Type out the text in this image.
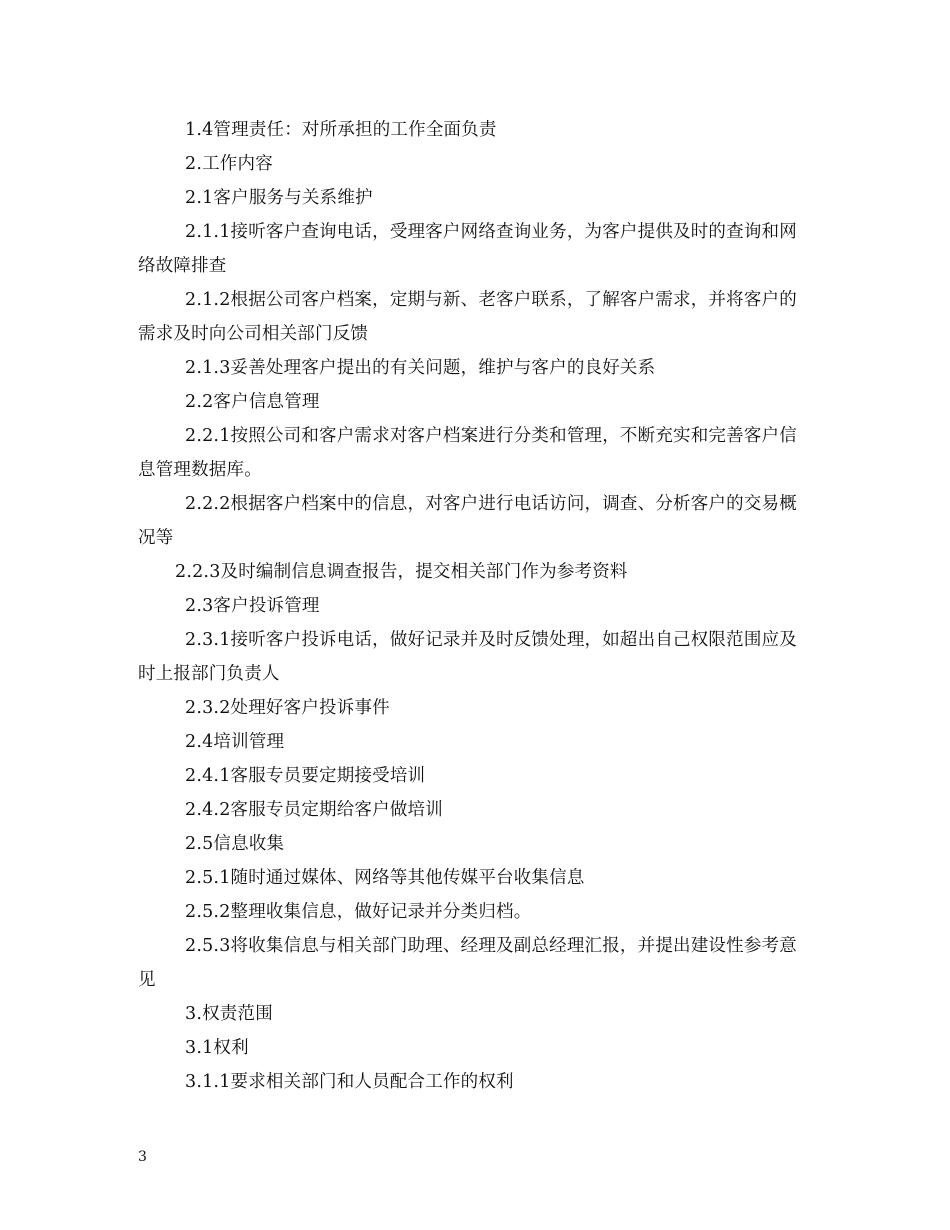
1.4管理责任：对所承担的工作全面负责

2.工作内容

2.1客户服务与关系维护

2.1.1接听客户查询电话，受理客户网络查询业务，为客户提供及时的查询和网络故障排查

2.1.2根据公司客户档案，定期与新、老客户联系，了解客户需求，并将客户的需求及时向公司相关部门反馈

2.1.3妥善处理客户提出的有关问题，维护与客户的良好关系

2.2客户信息管理

2.2.1按照公司和客户需求对客户档案进行分类和管理，不断充实和完善客户信息管理数据库。

2.2.2根据客户档案中的信息，对客户进行电话访问，调查、分析客户的交易概况等

2.2.3及时编制信息调查报告，提交相关部门作为参考资料

2.3客户投诉管理

2.3.1接听客户投诉电话，做好记录并及时反馈处理，如超出自己权限范围应及时上报部门负责人

2.3.2处理好客户投诉事件

2.4培训管理

2.4.1客服专员要定期接受培训

2.4.2客服专员定期给客户做培训

2.5信息收集

2.5.1随时通过媒体、网络等其他传媒平台收集信息

2.5.2整理收集信息，做好记录并分类归档。

2.5.3将收集信息与相关部门助理、经理及副总经理汇报，并提出建设性参考意见

3.权责范围

3.1权利

3.1.1要求相关部门和人员配合工作的权利

3
